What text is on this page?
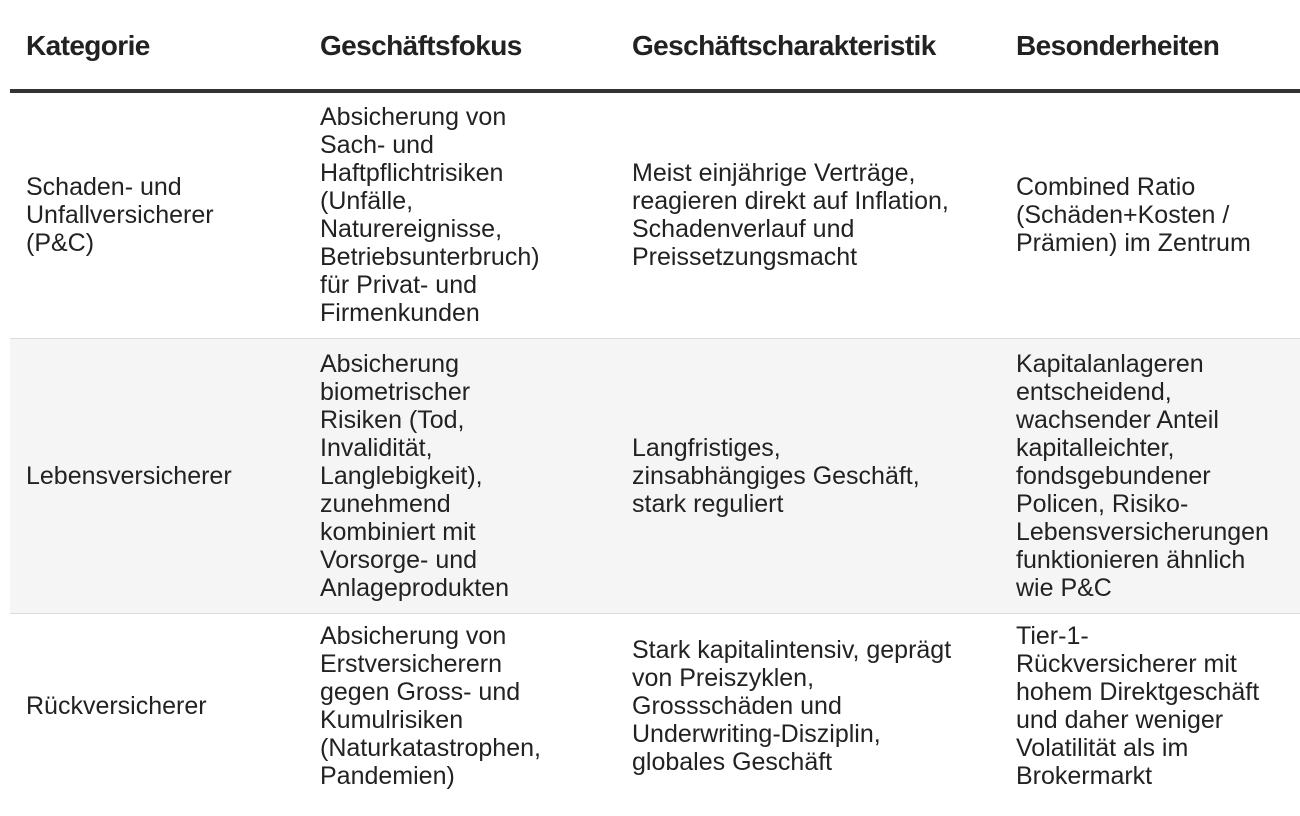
Kategorie	Geschäftsfokus	Geschäftscharakteristik	Besonderheiten

Schaden- und Unfallversicherer (P&C)	Absicherung von Sach- und Haftpflichtrisiken (Unfälle, Naturereignisse, Betriebsunterbruch) für Privat- und Firmenkunden	Meist einjährige Verträge, reagieren direkt auf Inflation, Schadenverlauf und Preissetzungsmacht	Combined Ratio (Schäden+Kosten / Prämien) im Zentrum

Lebensversicherer	Absicherung biometrischer Risiken (Tod, Invalidität, Langlebigkeit), zunehmend kombiniert mit Vorsorge- und Anlageprodukten	Langfristiges, zinsabhängiges Geschäft, stark reguliert	Kapitalanlageren entscheidend, wachsender Anteil kapitalleichter, fondsgebundener Policen, Risiko-Lebensversicherungen funktionieren ähnlich wie P&C

Rückversicherer	Absicherung von Erstversicherern gegen Gross- und Kumulrisiken (Naturkatastrophen, Pandemien)	Stark kapitalintensiv, geprägt von Preiszyklen, Grossschäden und Underwriting-Disziplin, globales Geschäft	Tier-1-Rückversicherer mit hohem Direktgeschäft und daher weniger Volatilität als im Brokermarkt
